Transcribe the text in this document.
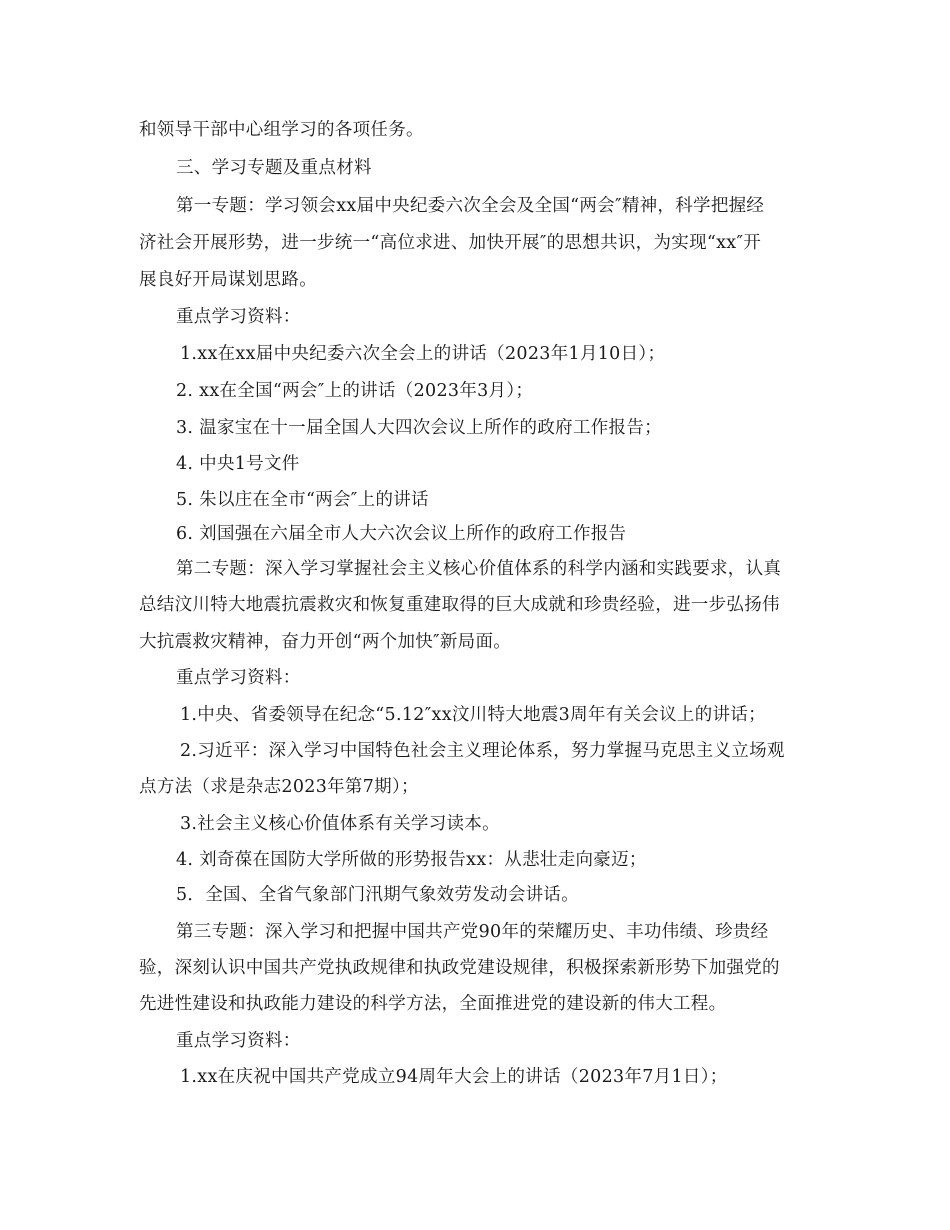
和领导干部中心组学习的各项任务。
三、学习专题及重点材料
第一专题：学习领会xx届中央纪委六次全会及全国“两会″精神，科学把握经
济社会开展形势，进一步统一“高位求进、加快开展″的思想共识，为实现“xx″开
展良好开局谋划思路。
重点学习资料：
1.xx在xx届中央纪委六次全会上的讲话（2023年1月10日）；
2. xx在全国“两会″上的讲话（2023年3月）；
3. 温家宝在十一届全国人大四次会议上所作的政府工作报告；
4. 中央1号文件
5. 朱以庄在全市“两会″上的讲话
6. 刘国强在六届全市人大六次会议上所作的政府工作报告
第二专题：深入学习掌握社会主义核心价值体系的科学内涵和实践要求，认真
总结汶川特大地震抗震救灾和恢复重建取得的巨大成就和珍贵经验，进一步弘扬伟
大抗震救灾精神，奋力开创“两个加快″新局面。
重点学习资料：
1.中央、省委领导在纪念“5.12″xx汶川特大地震3周年有关会议上的讲话；
2.习近平：深入学习中国特色社会主义理论体系，努力掌握马克思主义立场观
点方法（求是杂志2023年第7期）；
3.社会主义核心价值体系有关学习读本。
4. 刘奇葆在国防大学所做的形势报告xx：从悲壮走向豪迈；
5．全国、全省气象部门汛期气象效劳发动会讲话。
第三专题：深入学习和把握中国共产党90年的荣耀历史、丰功伟绩、珍贵经
验，深刻认识中国共产党执政规律和执政党建设规律，积极探索新形势下加强党的
先进性建设和执政能力建设的科学方法，全面推进党的建设新的伟大工程。
重点学习资料：
1.xx在庆祝中国共产党成立94周年大会上的讲话（2023年7月1日）；
